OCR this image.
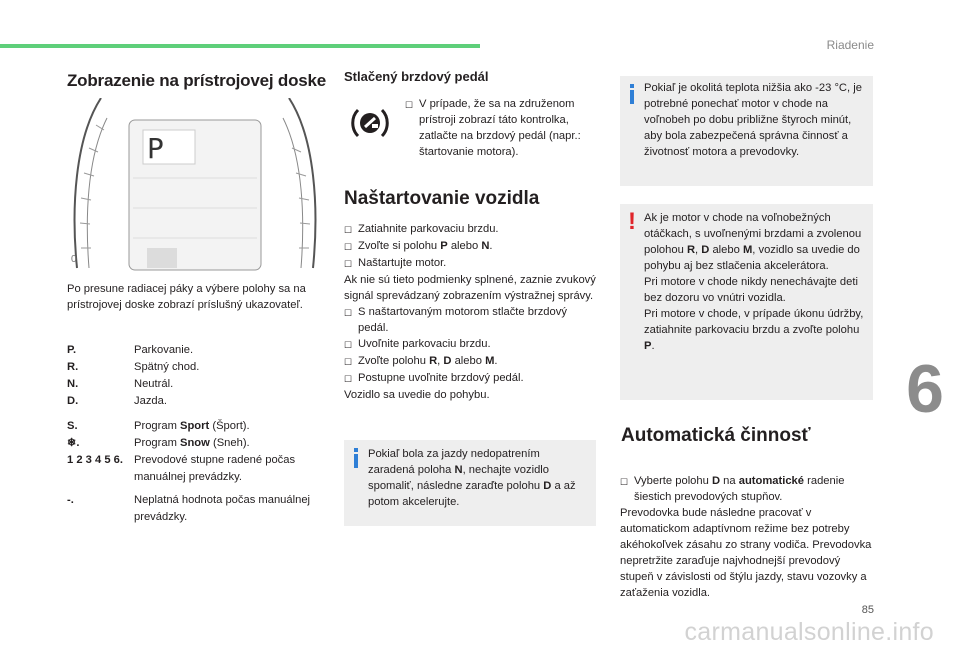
Riadenie
6
85
carmanualsonline.info
Zobrazenie na prístrojovej doske
P
0
Po presune radiacej páky a výbere polohy sa na prístrojovej doske zobrazí príslušný ukazovateľ.
P.	Parkovanie.
R.	Spätný chod.
N.	Neutrál.
D.	Jazda.
S.	Program Sport (Šport).
❄.	Program Snow (Sneh).
1 2 3 4 5 6. Prevodové stupne radené počas manuálnej prevádzky.
-.	Neplatná hodnota počas manuálnej prevádzky.
Stlačený brzdový pedál
☐ V prípade, že sa na združenom prístroji zobrazí táto kontrolka, zatlačte na brzdový pedál (napr.: štartovanie motora).
Naštartovanie vozidla
☐ Zatiahnite parkovaciu brzdu.
☐ Zvoľte si polohu P alebo N.
☐ Naštartujte motor.
Ak nie sú tieto podmienky splnené, zaznie zvukový signál sprevádzaný zobrazením výstražnej správy.
☐ S naštartovaným motorom stlačte brzdový pedál.
☐ Uvoľnite parkovaciu brzdu.
☐ Zvoľte polohu R, D alebo M.
☐ Postupne uvoľnite brzdový pedál.
Vozidlo sa uvedie do pohybu.
Pokiaľ bola za jazdy nedopatrením zaradená poloha N, nechajte vozidlo spomaliť, následne zaraďte polohu D a až potom akcelerujte.
Pokiaľ je okolitá teplota nižšia ako -23 °C, je potrebné ponechať motor v chode na voľnobeh po dobu približne štyroch minút, aby bola zabezpečená správna činnosť a životnosť motora a prevodovky.
! Ak je motor v chode na voľnobežných otáčkach, s uvoľnenými brzdami a zvolenou polohou R, D alebo M, vozidlo sa uvedie do pohybu aj bez stlačenia akcelerátora.
Pri motore v chode nikdy nenechávajte deti bez dozoru vo vnútri vozidla.
Pri motore v chode, v prípade úkonu údržby, zatiahnite parkovaciu brzdu a zvoľte polohu P.
Automatická činnosť
☐ Vyberte polohu D na automatické radenie šiestich prevodových stupňov.
Prevodovka bude následne pracovať v automatickom adaptívnom režime bez potreby akéhokoľvek zásahu zo strany vodiča. Prevodovka nepretržite zaraďuje najvhodnejší prevodový stupeň v závislosti od štýlu jazdy, stavu vozovky a zaťaženia vozidla.
